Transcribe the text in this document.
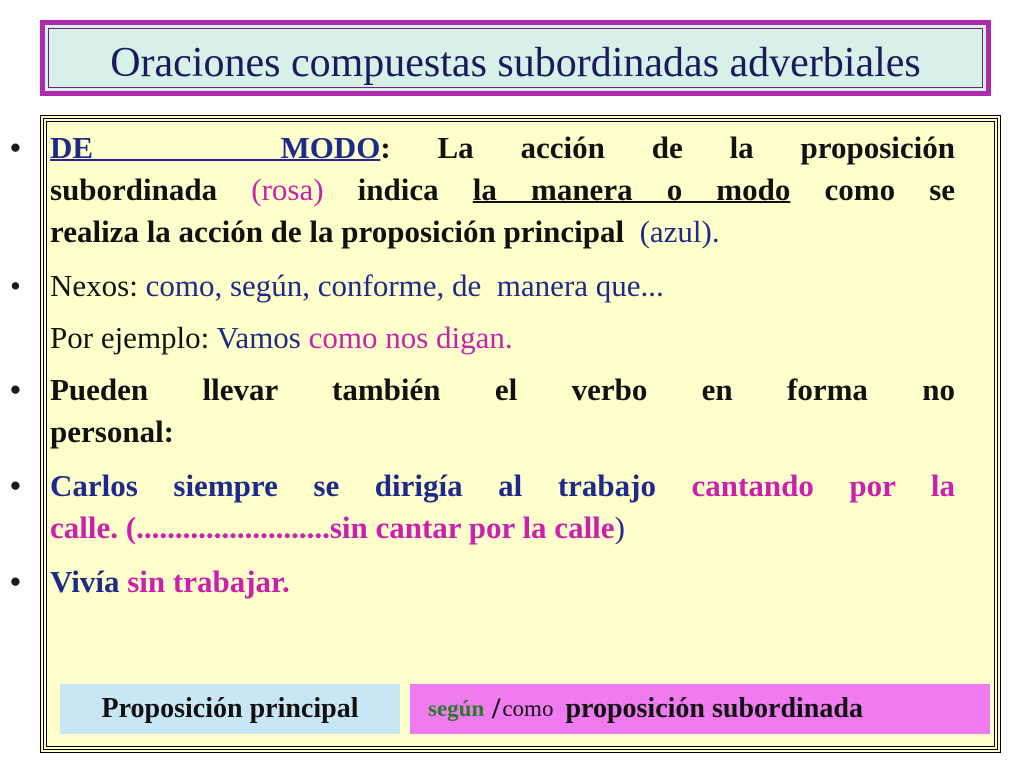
Oraciones compuestas subordinadas adverbiales
• DE    MODO: La acción de la proposición
subordinada (rosa) indica la manera o modo como se
realiza la acción de la proposición principal  (azul).
• Nexos: como, según, conforme, de  manera que...
Por ejemplo: Vamos como nos digan.
• Pueden llevar también el verbo en forma no
personal:
• Carlos siempre se dirigía al trabajo cantando por la
calle. (.........................sin cantar por la calle)
• Vivía sin trabajar.
Proposición principal	según / como proposición subordinada
